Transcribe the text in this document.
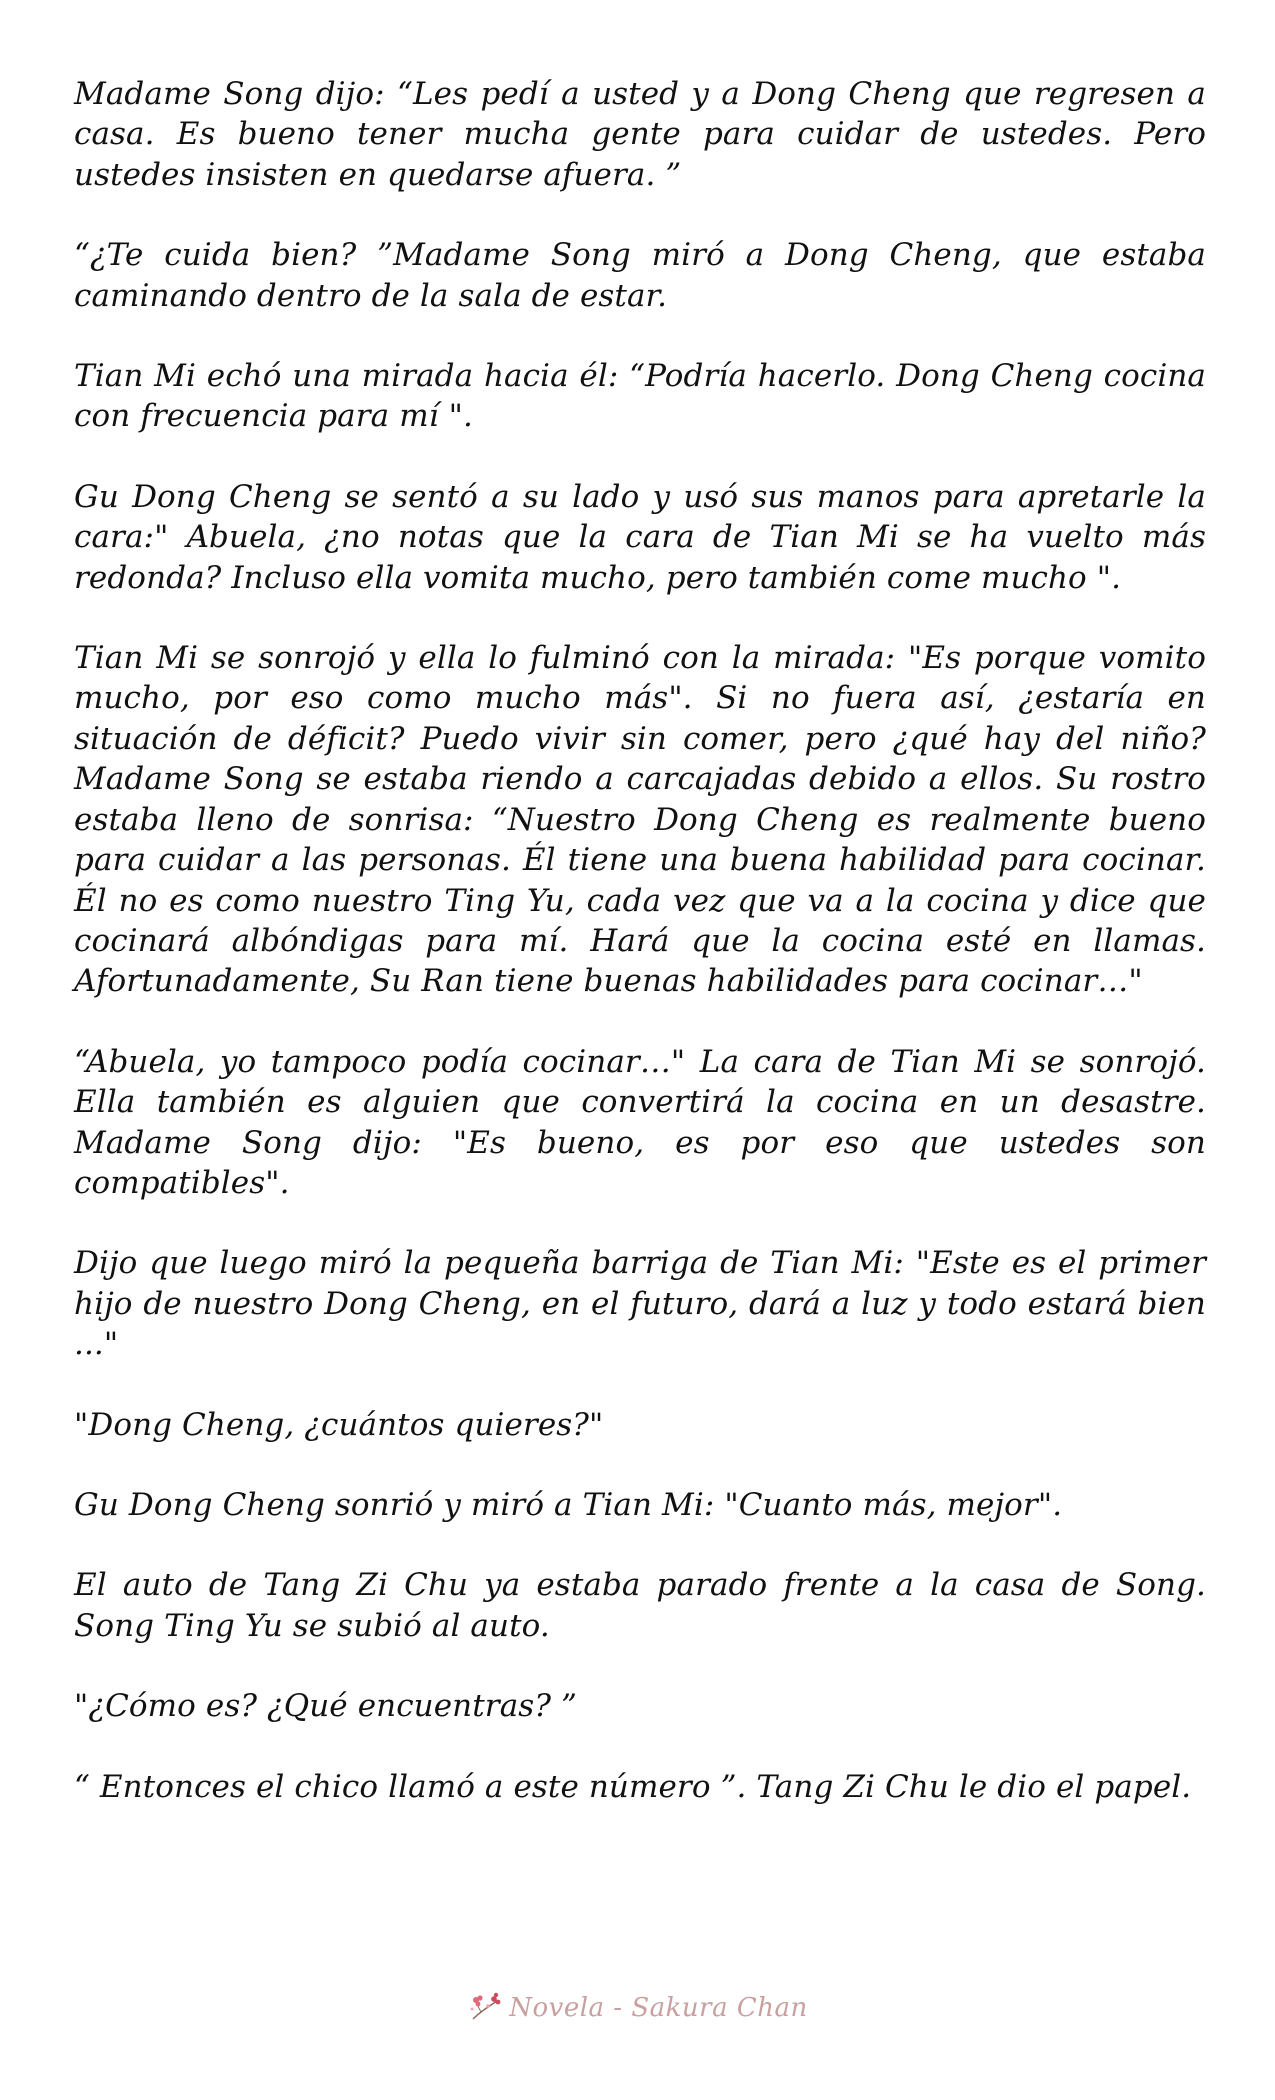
Madame Song dijo: “Les pedí a usted y a Dong Cheng que regresen a casa. Es bueno tener mucha gente para cuidar de ustedes. Pero ustedes insisten en quedarse afuera. ”

“¿Te cuida bien? ”Madame Song miró a Dong Cheng, que estaba caminando dentro de la sala de estar.

Tian Mi echó una mirada hacia él: “Podría hacerlo. Dong Cheng cocina con frecuencia para mí ".

Gu Dong Cheng se sentó a su lado y usó sus manos para apretarle la cara:" Abuela, ¿no notas que la cara de Tian Mi se ha vuelto más redonda? Incluso ella vomita mucho, pero también come mucho ".

Tian Mi se sonrojó y ella lo fulminó con la mirada: "Es porque vomito mucho, por eso como mucho más". Si no fuera así, ¿estaría en situación de déficit? Puedo vivir sin comer, pero ¿qué hay del niño? Madame Song se estaba riendo a carcajadas debido a ellos. Su rostro estaba lleno de sonrisa: “Nuestro Dong Cheng es realmente bueno para cuidar a las personas. Él tiene una buena habilidad para cocinar. Él no es como nuestro Ting Yu, cada vez que va a la cocina y dice que cocinará albóndigas para mí. Hará que la cocina esté en llamas. Afortunadamente, Su Ran tiene buenas habilidades para cocinar…"

“Abuela, yo tampoco podía cocinar…" La cara de Tian Mi se sonrojó. Ella también es alguien que convertirá la cocina en un desastre. Madame Song dijo: "Es bueno, es por eso que ustedes son compatibles".

Dijo que luego miró la pequeña barriga de Tian Mi: "Este es el primer hijo de nuestro Dong Cheng, en el futuro, dará a luz y todo estará bien ..."

"Dong Cheng, ¿cuántos quieres?"

Gu Dong Cheng sonrió y miró a Tian Mi: "Cuanto más, mejor".

El auto de Tang Zi Chu ya estaba parado frente a la casa de Song. Song Ting Yu se subió al auto.

"¿Cómo es? ¿Qué encuentras? ”

“ Entonces el chico llamó a este número ”. Tang Zi Chu le dio el papel.

Novela - Sakura Chan
